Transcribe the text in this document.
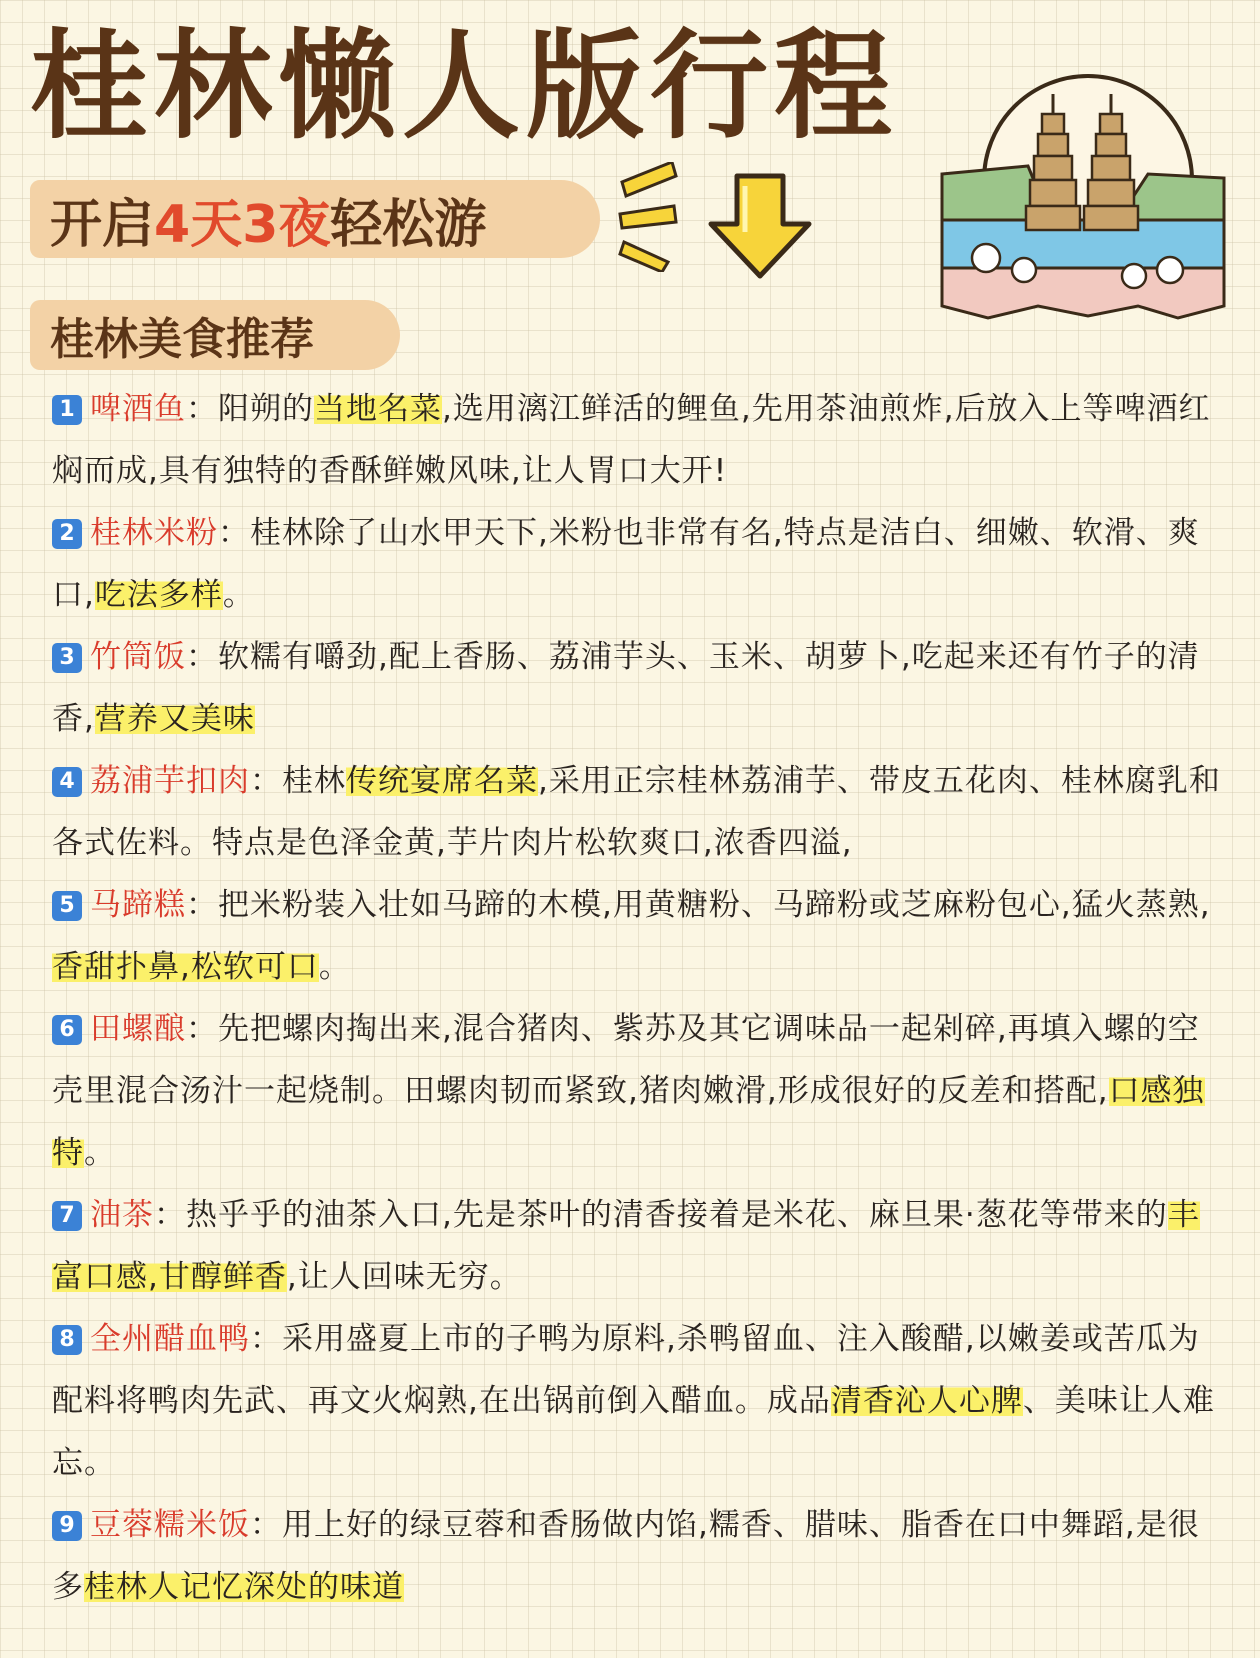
桂林懒人版行程
开启 4天3夜 轻松游
桂林美食推荐
1 啤酒鱼：阳朔的当地名菜,选用漓江鲜活的鲤鱼,先用茶油煎炸,后放入上等啤酒红焖而成,具有独特的香酥鲜嫩风味,让人胃口大开!
2 桂林米粉：桂林除了山水甲天下,米粉也非常有名,特点是洁白、细嫩、软滑、爽口,吃法多样。
3 竹筒饭：软糯有嚼劲,配上香肠、荔浦芋头、玉米、胡萝卜,吃起来还有竹子的清香,营养又美味
4 荔浦芋扣肉：桂林传统宴席名菜,采用正宗桂林荔浦芋、带皮五花肉、桂林腐乳和各式佐料。特点是色泽金黄,芋片肉片松软爽口,浓香四溢,
5 马蹄糕：把米粉装入壮如马蹄的木模,用黄糖粉、马蹄粉或芝麻粉包心,猛火蒸熟,香甜扑鼻,松软可口。
6 田螺酿：先把螺肉掏出来,混合猪肉、紫苏及其它调味品一起剁碎,再填入螺的空壳里混合汤汁一起烧制。田螺肉韧而紧致,猪肉嫩滑,形成很好的反差和搭配,口感独特。
7 油茶：热乎乎的油茶入口,先是茶叶的清香接着是米花、麻旦果·葱花等带来的丰富口感,甘醇鲜香,让人回味无穷。
8 全州醋血鸭：采用盛夏上市的子鸭为原料,杀鸭留血、注入酸醋,以嫩姜或苦瓜为配料将鸭肉先武、再文火焖熟,在出锅前倒入醋血。成品清香沁人心脾、美味让人难忘。
9 豆蓉糯米饭：用上好的绿豆蓉和香肠做内馅,糯香、腊味、脂香在口中舞蹈,是很多桂林人记忆深处的味道
